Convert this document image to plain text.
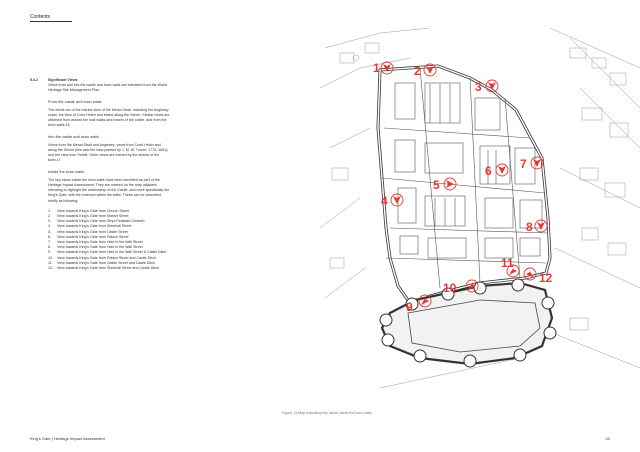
Contents
5.4.2	Significant Views

Views from and into the castle and town walls are extracted from the World Heritage Site Management Plan.

From the castle and town walls

The whole arc of the marine view of the Menai Strait, including the Anglesey coast, the view of Coed Helen and inland along the Seiont. Similar views are obtained from around the wall walks and towers of the castle, and from the town walls.16

Into the castle and town walls

Views from the Menai Strait and Anglesey; views from Coed Helen and along the Seiont (this was the view painted by J. M. W. Turner, 1775–1851); and the view from Twthill. Other views are framed by the streets of the town.17

Inside the town walls

The key views inside the town walls have been identified as part of the Heritage Impact Assessment. They are marked on the map adjacent, intending to highlight the relationship of the Castle, and more specifically the King's Gate, with the exteriors within the walls. These can be described briefly as following:

1.	View towards King's Gate from Church Street
2.	View towards King's Gate from Market Street
3.	View towards King's Gate from Stryd Pedwara Chwech
4.	View towards King's Gate from Shirehall Street
5.	View towards King's Gate from Castle Street
6.	View towards King's Gate from Palace Street
7.	View towards King's Gate from Hole in the Wall Street
8.	View towards King's Gate from Hole in the Wall Street
9.	View towards King's Gate from Hole in the Wall Street & Castle Ditch
10.	View towards King's Gate from Palace Street and Castle Ditch
11.	View towards King's Gate from Castle Street and Castle Ditch
12.	View towards King's Gate from Shirehall Street and Castle Ditch
1	2
3
4
5
6 7
8
9
10
11
12
Figure 13 Map indicating key views inside the town walls
King's Gate | Heritage Impact Assessment	40
